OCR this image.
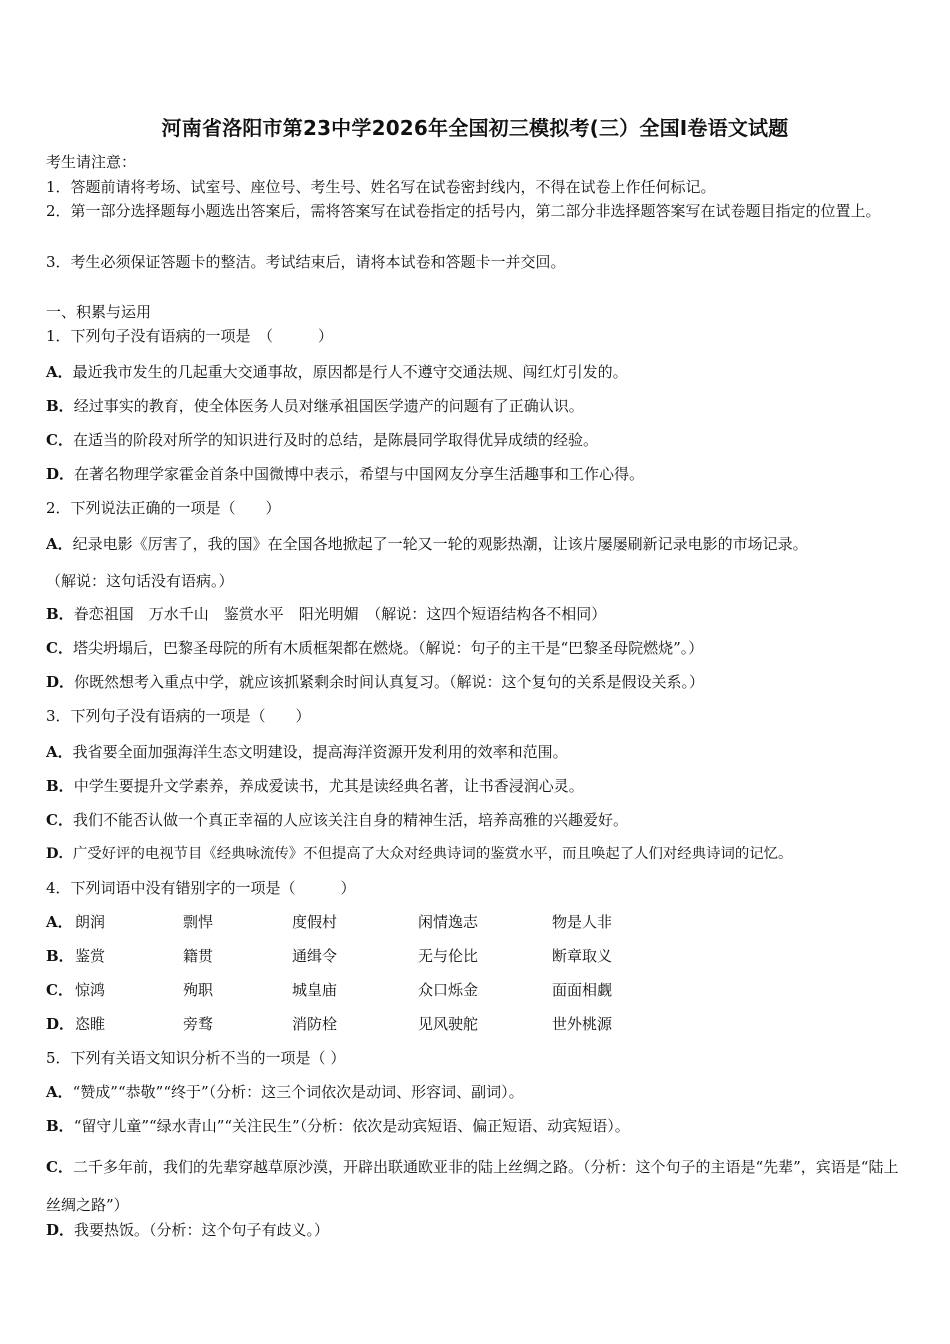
河南省洛阳市第23中学2026年全国初三模拟考(三）全国I卷语文试题
考生请注意：
1．答题前请将考场、试室号、座位号、考生号、姓名写在试卷密封线内，不得在试卷上作任何标记。
2．第一部分选择题每小题选出答案后，需将答案写在试卷指定的括号内，第二部分非选择题答案写在试卷题目指定的位置上。
3．考生必须保证答题卡的整洁。考试结束后，请将本试卷和答题卡一并交回。
一、积累与运用
1．下列句子没有语病的一项是　（　　　）
A．最近我市发生的几起重大交通事故，原因都是行人不遵守交通法规、闯红灯引发的。
B．经过事实的教育，使全体医务人员对继承祖国医学遗产的问题有了正确认识。
C．在适当的阶段对所学的知识进行及时的总结，是陈晨同学取得优异成绩的经验。
D．在著名物理学家霍金首条中国微博中表示，希望与中国网友分享生活趣事和工作心得。
2．下列说法正确的一项是（　　）
A．纪录电影《厉害了，我的国》在全国各地掀起了一轮又一轮的观影热潮，让该片屡屡刷新记录电影的市场记录。
（解说：这句话没有语病。）
B．眷恋祖国　万水千山　鉴赏水平　阳光明媚　（解说：这四个短语结构各不相同）
C．塔尖坍塌后，巴黎圣母院的所有木质框架都在燃烧。（解说：句子的主干是“巴黎圣母院燃烧”。）
D．你既然想考入重点中学，就应该抓紧剩余时间认真复习。（解说：这个复句的关系是假设关系。）
3．下列句子没有语病的一项是（　　）
A．我省要全面加强海洋生态文明建设，提高海洋资源开发利用的效率和范围。
B．中学生要提升文学素养，养成爱读书，尤其是读经典名著，让书香浸润心灵。
C．我们不能否认做一个真正幸福的人应该关注自身的精神生活，培养高雅的兴趣爱好。
D．广受好评的电视节目《经典咏流传》不但提高了大众对经典诗词的鉴赏水平，而且唤起了人们对经典诗词的记忆。
4．下列词语中没有错别字的一项是（　　　）
A． 朗润	剽悍	度假村	闲情逸志	物是人非
B． 鉴赏	籍贯	通缉令	无与伦比	断章取义
C． 惊鸿	殉职	城皇庙	众口烁金	面面相觑
D． 恣睢	旁骛	消防栓	见风驶舵	世外桃源
5．下列有关语文知识分析不当的一项是（ ）
A．“赞成”“恭敬”“终于”（分析：这三个词依次是动词、形容词、副词）。
B．“留守儿童”“绿水青山”“关注民生”（分析：依次是动宾短语、偏正短语、动宾短语）。
C．二千多年前，我们的先辈穿越草原沙漠，开辟出联通欧亚非的陆上丝绸之路。（分析：这个句子的主语是“先辈”，宾语是“陆上丝绸之路”）
D．我要热饭。（分析：这个句子有歧义。）
